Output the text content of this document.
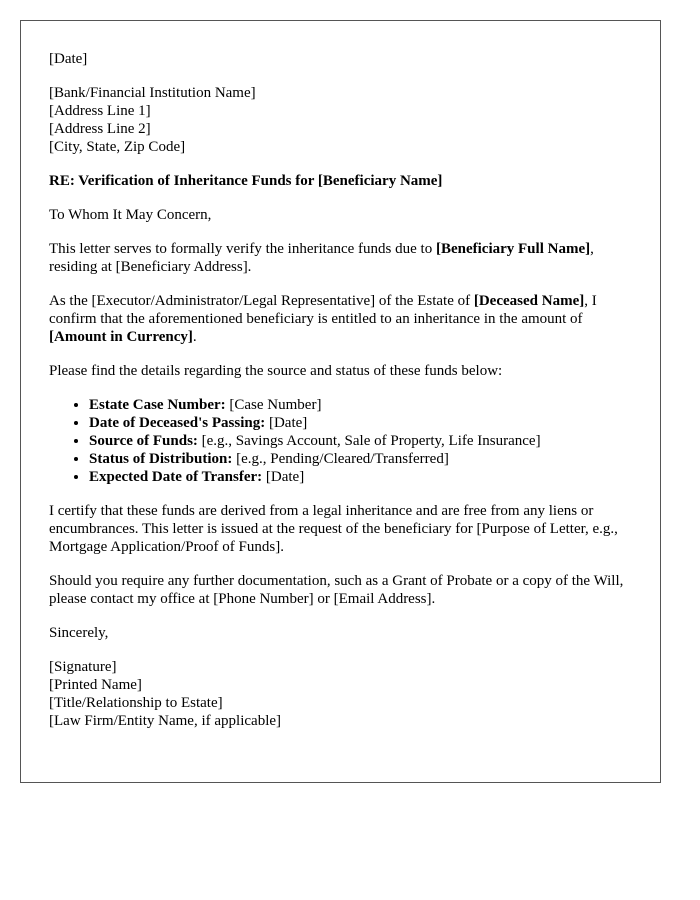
[Date]

[Bank/Financial Institution Name]
[Address Line 1]
[Address Line 2]
[City, State, Zip Code]

RE: Verification of Inheritance Funds for [Beneficiary Name]

To Whom It May Concern,

This letter serves to formally verify the inheritance funds due to [Beneficiary Full Name], residing at [Beneficiary Address].

As the [Executor/Administrator/Legal Representative] of the Estate of [Deceased Name], I confirm that the aforementioned beneficiary is entitled to an inheritance in the amount of [Amount in Currency].

Please find the details regarding the source and status of these funds below:

• Estate Case Number: [Case Number]
• Date of Deceased's Passing: [Date]
• Source of Funds: [e.g., Savings Account, Sale of Property, Life Insurance]
• Status of Distribution: [e.g., Pending/Cleared/Transferred]
• Expected Date of Transfer: [Date]

I certify that these funds are derived from a legal inheritance and are free from any liens or encumbrances. This letter is issued at the request of the beneficiary for [Purpose of Letter, e.g., Mortgage Application/Proof of Funds].

Should you require any further documentation, such as a Grant of Probate or a copy of the Will, please contact my office at [Phone Number] or [Email Address].

Sincerely,

[Signature]
[Printed Name]
[Title/Relationship to Estate]
[Law Firm/Entity Name, if applicable]
